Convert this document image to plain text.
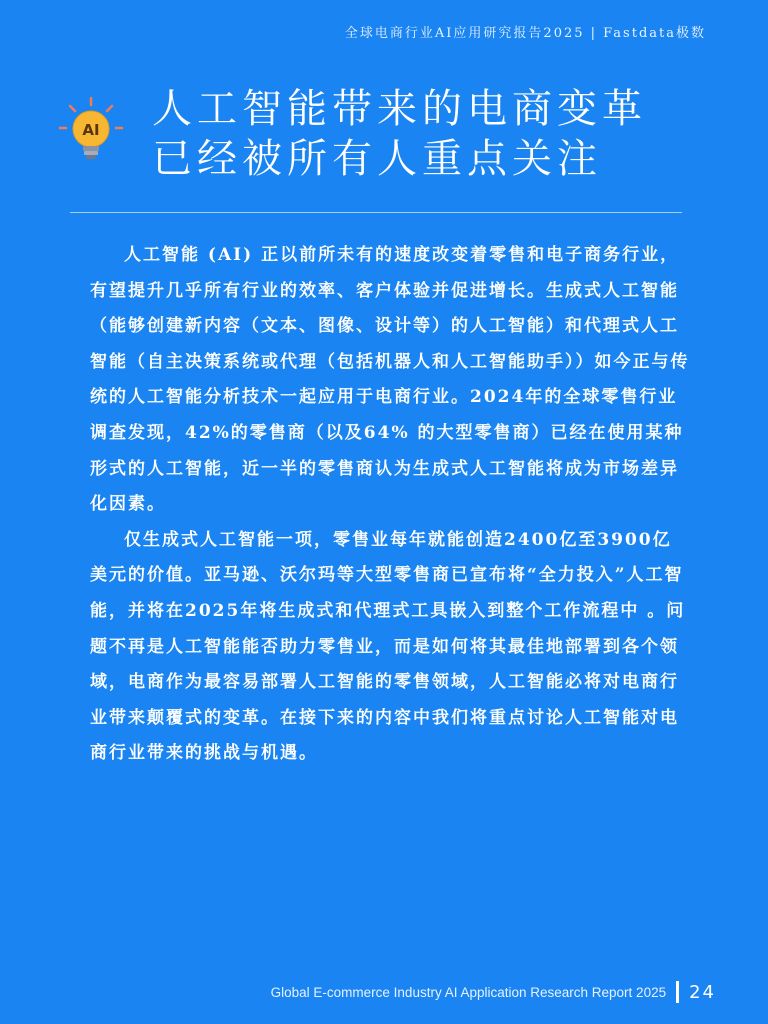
全球电商行业AI应用研究报告2025 | Fastdata极数
AI 人工智能带来的电商变革
已经被所有人重点关注

人工智能 (AI) 正以前所未有的速度改变着零售和电子商务行业，有望提升几乎所有行业的效率、客户体验并促进增长。生成式人工智能（能够创建新内容（文本、图像、设计等）的人工智能）和代理式人工智能（自主决策系统或代理（包括机器人和人工智能助手））如今正与传统的人工智能分析技术一起应用于电商行业。2024年的全球零售行业调查发现，42%的零售商（以及64% 的大型零售商）已经在使用某种形式的人工智能，近一半的零售商认为生成式人工智能将成为市场差异化因素。

仅生成式人工智能一项，零售业每年就能创造2400亿至3900亿美元的价值。亚马逊、沃尔玛等大型零售商已宣布将“全力投入”人工智能，并将在2025年将生成式和代理式工具嵌入到整个工作流程中 。问题不再是人工智能能否助力零售业，而是如何将其最佳地部署到各个领域，电商作为最容易部署人工智能的零售领域，人工智能必将对电商行业带来颠覆式的变革。在接下来的内容中我们将重点讨论人工智能对电商行业带来的挑战与机遇。

Global E-commerce Industry AI Application Research Report 2025 24
